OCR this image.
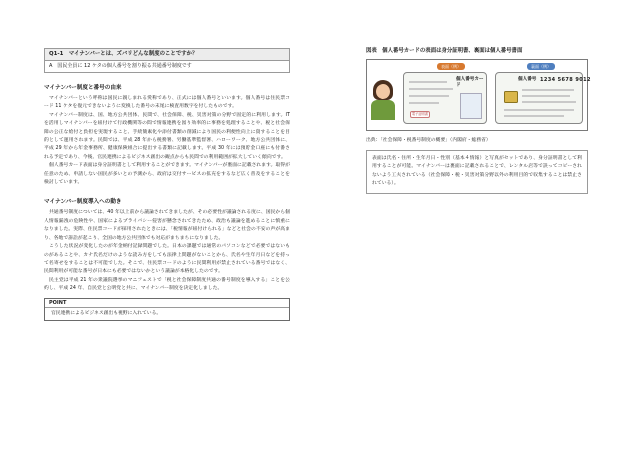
Q1-1　マイナンバーとは、ズバリどんな制度のことですか？
A　国民全員に 12 ケタの個人番号を割り振る共通番号制度です
マイナンバー制度と番号の由来

マイナンバーという呼称は国民に親しまれる愛称であり、正式には個人番号といいます。個人番号は住民票コード 11 ケタを復元できないように変換した番号の末尾に検査用数字を付したものです。

マイナンバー制度は、国、地方公共団体、民間で、社会保障、税、災害対策の分野で固定的に利用します。IT を活用しマイナンバーを紐付けて行政機関等の間で情報連携を図り効率的に事務を処理することや、税と社会保障の公正な給付と負担を実現すること、手続簡素化や添付書類の削減により国民の利便性向上に資することを目的として運用されます。民間では、平成 28 年から税務署、労働基準監督署、ハローワーク、地方公共団体に、平成 29 年から年金事務所、健康保険組合に提出する書類に記載します。平成 30 年には預貯金口座にも付番される予定であり、今後、官民連携によるビジネス創出の観点からも民間での利用範囲が拡大していく傾向です。

個人番号カード表面は身分証明書として利用することができます。マイナンバーが裏面に記載されます。取得が任意のため、申請しない国民が多いとの予測から、政府は交付サービスの拡充をするなど広く普及をすることを検討しています。

マイナンバー制度導入への動き

共通番号制度については、40 年以上前から議論されてきましたが、その必要性が議論される度に、国民から個人情報漏洩の危険性や、国家によるプライバシー侵害が懸念されてきたため、政治も議論を進めることに慎重になりました。実際、住民票コードが採用されたときには、「税情報が紐付けられる」などと社会の不安の声が高まり、各地で訴訟が起こり、全国の地方公共団体でも対応がまちまちになりました。

こうした状況が変化したのが年金納付記録問題でした。日本の課題では通常のパソコンなどで必要ではないものがあることや、カナ氏名だけのような読み方をしても法律上問題がないことから、氏名や生年月日などを持って名寄せをすることは不可能でした。そこで、住民票コードのように民間利用が禁止されている番号ではなく、民間利用が可能な番号が日本にも必要ではないかという議論が本格化したのです。

民主党は平成 21 年の衆議院選挙のマニフェストで「税と社会保障制度共通の番号制度を導入する」ことを公約し、平成 24 年、自民党と公明党と共に、マイナンバー制度を決定化しました。

POINT
官民連携によるビジネス創出も視野に入れている。
図表　個人番号カードの表面は身分証明書、裏面は個人番号書面
表面（例）
電子証明書
個人番号カード
裏面（例）
個人番号 1234 5678 9012
出典：「社会保障・税番号制度の概要」（内閣府・総務省）

表面は氏名・住所・生年月日・性別（基本４情報）と写真がセットであり、身分証明書として利用することが可能。マイナンバーは裏面に記載されることで、レンタル店等で誤ってコピーされないよう工夫されている（社会保障・税・災害対策分野以外の利用目的で収集することは禁止されている）。
